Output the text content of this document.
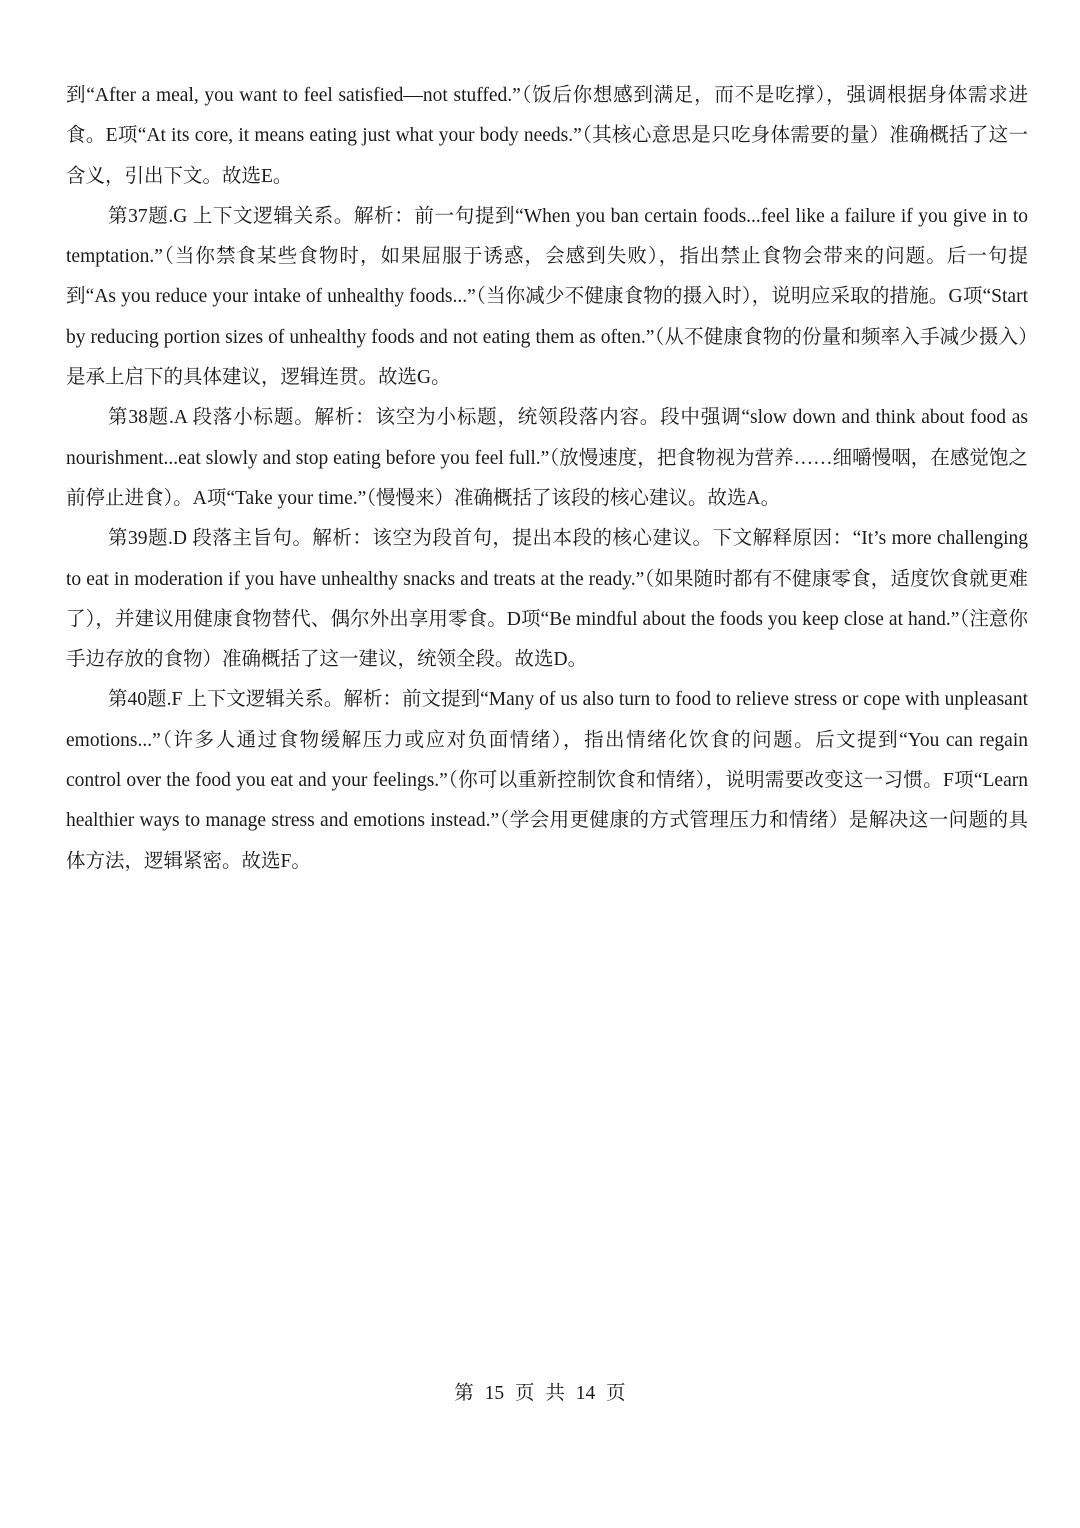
到“After a meal, you want to feel satisfied—not stuffed.”（饭后你想感到满足，而不是吃撑），强调根据身体需求进食。E项“At its core, it means eating just what your body needs.”（其核心意思是只吃身体需要的量）准确概括了这一含义，引出下文。故选E。

第37题.G 上下文逻辑关系。解析：前一句提到“When you ban certain foods...feel like a failure if you give in to temptation.”（当你禁食某些食物时，如果屈服于诱惑，会感到失败），指出禁止食物会带来的问题。后一句提到“As you reduce your intake of unhealthy foods...”（当你减少不健康食物的摄入时），说明应采取的措施。G项“Start by reducing portion sizes of unhealthy foods and not eating them as often.”（从不健康食物的份量和频率入手减少摄入）是承上启下的具体建议，逻辑连贯。故选G。

第38题.A 段落小标题。解析：该空为小标题，统领段落内容。段中强调“slow down and think about food as nourishment...eat slowly and stop eating before you feel full.”（放慢速度，把食物视为营养……细嚼慢咽，在感觉饱之前停止进食）。A项“Take your time.”（慢慢来）准确概括了该段的核心建议。故选A。

第39题.D 段落主旨句。解析：该空为段首句，提出本段的核心建议。下文解释原因：“It’s more challenging to eat in moderation if you have unhealthy snacks and treats at the ready.”（如果随时都有不健康零食，适度饮食就更难了），并建议用健康食物替代、偶尔外出享用零食。D项“Be mindful about the foods you keep close at hand.”（注意你手边存放的食物）准确概括了这一建议，统领全段。故选D。

第40题.F 上下文逻辑关系。解析：前文提到“Many of us also turn to food to relieve stress or cope with unpleasant emotions...”（许多人通过食物缓解压力或应对负面情绪），指出情绪化饮食的问题。后文提到“You can regain control over the food you eat and your feelings.”（你可以重新控制饮食和情绪），说明需要改变这一习惯。F项“Learn healthier ways to manage stress and emotions instead.”（学会用更健康的方式管理压力和情绪）是解决这一问题的具体方法，逻辑紧密。故选F。

第 15 页 共 14 页
